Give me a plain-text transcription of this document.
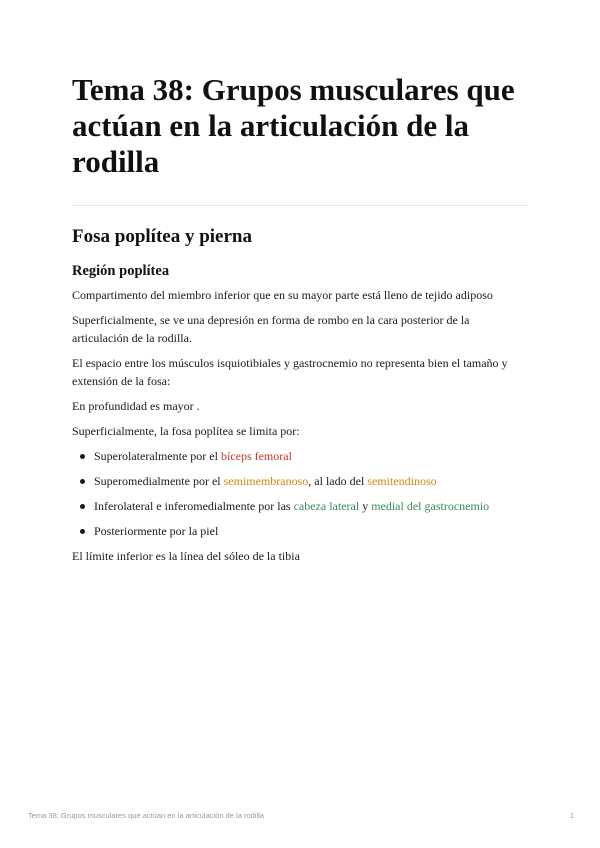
Tema 38: Grupos musculares que actúan en la articulación de la rodilla
Fosa poplítea y pierna
Región poplítea

Compartimento del miembro inferior que en su mayor parte está lleno de tejido adiposo

Superficialmente, se ve una depresión en forma de rombo en la cara posterior de la articulación de la rodilla.

El espacio entre los músculos isquiotibiales y gastrocnemio no representa bien el tamaño y extensión de la fosa:

En profundidad es mayor .

Superficialmente, la fosa poplítea se limita por:

Superolateralmente por el bíceps femoral
Superomedialmente por el semimembranoso, al lado del semitendinoso
Inferolateral e inferomedialmente por las cabeza lateral y medial del gastrocnemio
Posteriormente por la piel

El límite inferior es la línea del sóleo de la tibia

Tema 38: Grupos musculares que actúan en la articulación de la rodilla	1
